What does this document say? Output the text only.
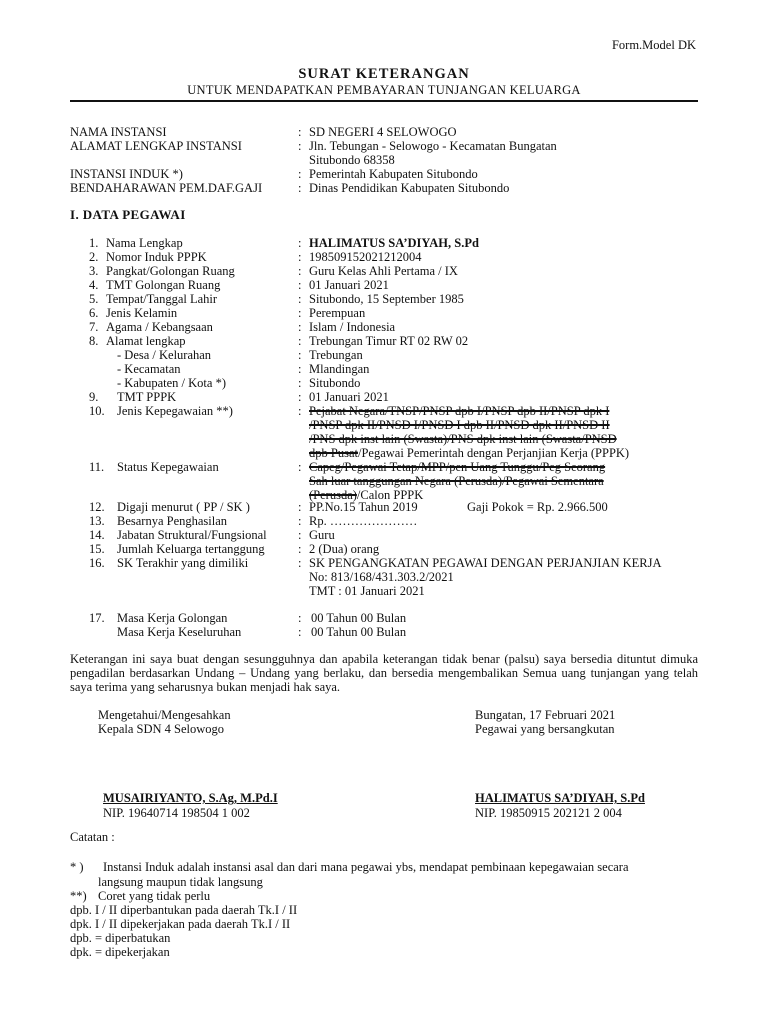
Form.Model DK
SURAT KETERANGAN
UNTUK MENDAPATKAN PEMBAYARAN TUNJANGAN KELUARGA
NAMA INSTANSI	: SD NEGERI 4 SELOWOGO
ALAMAT LENGKAP INSTANSI	: Jln. Tebungan - Selowogo - Kecamatan Bungatan
Situbondo 68358
INSTANSI INDUK *)	: Pemerintah Kabupaten Situbondo
BENDAHARAWAN PEM.DAF.GAJI	: Dinas Pendidikan Kabupaten Situbondo
I. DATA PEGAWAI
1. Nama Lengkap	: HALIMATUS SA’DIYAH, S.Pd
2. Nomor Induk PPPK	: 198509152021212004
3. Pangkat/Golongan Ruang	: Guru Kelas Ahli Pertama / IX
4. TMT Golongan Ruang	: 01 Januari 2021
5. Tempat/Tanggal Lahir	: Situbondo, 15 September 1985
6. Jenis Kelamin	: Perempuan
7. Agama / Kebangsaan	: Islam / Indonesia
8. Alamat lengkap	: Trebungan Timur RT 02 RW 02
- Desa / Kelurahan	: Trebungan
- Kecamatan	: Mlandingan
- Kabupaten / Kota *)	: Situbondo
9. TMT PPPK	: 01 Januari 2021
10. Jenis Kepegawaian **)	: Pejabat Negara/TNSP/PNSP dpb I/PNSP dpb II/PNSP dpk I
/PNSP dpk II/PNSD I/PNSD I dpb II/PNSD dpk II/PNSD II
/PNS dpk inst lain (Swasta)/PNS dpk inst lain (Swasta/PNSD
dpb Pusat/Pegawai Pemerintah dengan Perjanjian Kerja (PPPK)
11. Status Kepegawaian	: Capeg/Pegawai Tetap/MPP/pen Uang Tunggu/Peg Seorang
Sah luar tanggungan Negara (Perusda)/Pegawai Sementara
(Perusda)/Calon PPPK
12. Digaji menurut ( PP / SK )	: PP.No.15 Tahun 2019	Gaji Pokok = Rp. 2.966.500
13. Besarnya Penghasilan	: Rp. …………………
14. Jabatan Struktural/Fungsional	: Guru
15. Jumlah Keluarga tertanggung	: 2 (Dua) orang
16. SK Terakhir yang dimiliki	: SK PENGANGKATAN PEGAWAI DENGAN PERJANJIAN KERJA
No: 813/168/431.303.2/2021
TMT : 01 Januari 2021
17. Masa Kerja Golongan	: 00 Tahun 00 Bulan
Masa Kerja Keseluruhan	: 00 Tahun 00 Bulan
Keterangan ini saya buat dengan sesungguhnya dan apabila keterangan tidak benar (palsu) saya bersedia dituntut dimuka pengadilan berdasarkan Undang – Undang yang berlaku, dan bersedia mengembalikan Semua uang tunjangan yang telah saya terima yang seharusnya bukan menjadi hak saya.
Mengetahui/Mengesahkan
Kepala SDN 4 Selowogo
Bungatan, 17 Februari 2021
Pegawai yang bersangkutan
MUSAIRIYANTO, S.Ag, M.Pd.I
NIP. 19640714 198504 1 002
HALIMATUS SA’DIYAH, S.Pd
NIP. 19850915 202121 2 004
Catatan :
* ) Instansi Induk adalah instansi asal dan dari mana pegawai ybs, mendapat pembinaan kepegawaian secara
langsung maupun tidak langsung
**) Coret yang tidak perlu
dpb. I / II diperbantukan pada daerah Tk.I / II
dpk. I / II dipekerjakan pada daerah Tk.I / II
dpb. = diperbatukan
dpk. = dipekerjakan
